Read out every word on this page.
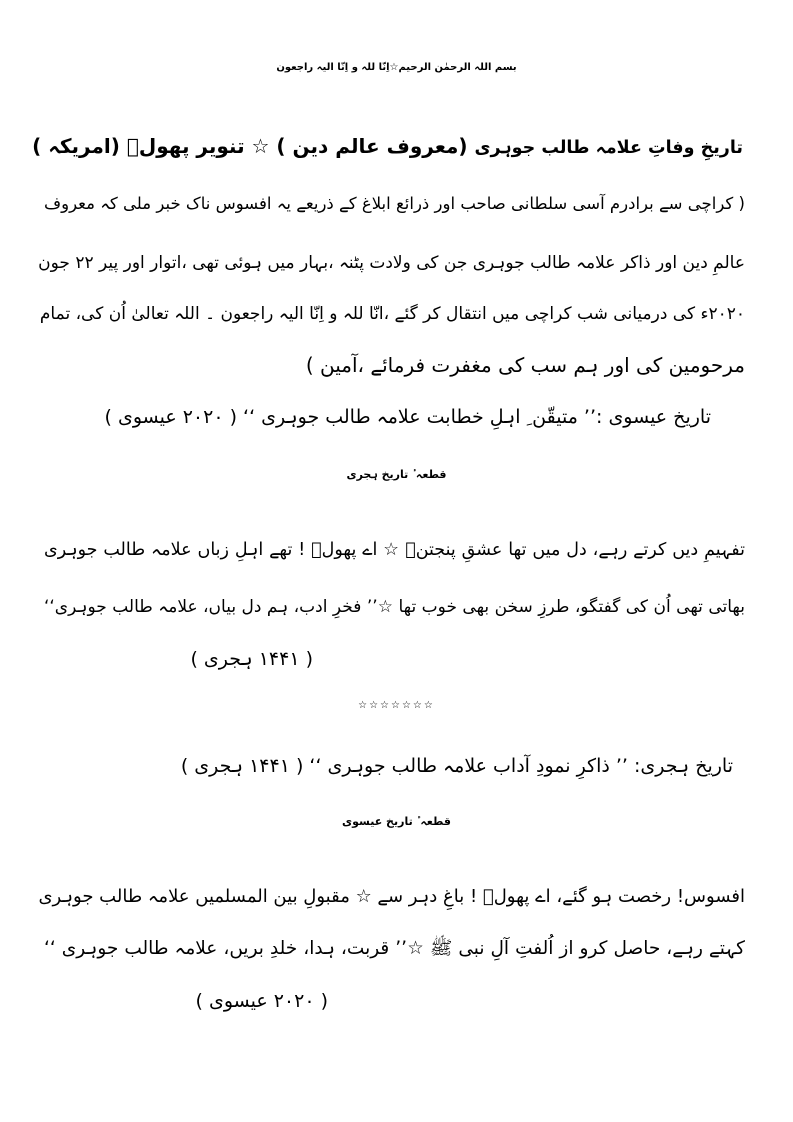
بسم اللہ الرحمٰن الرحیم☆اِنّا للہ و اِنّا الیہ راجعون
تاریخِ وفاتِ علامہ طالب جوہری (معروف عالم دین ) ☆ تنویر پھولؔ (امریکہ )
( کراچی سے برادرم آسی سلطانی صاحب اور ذرائع ابلاغ کے ذریعے یہ افسوس ناک خبر ملی کہ معروف
عالمِ دین اور ذاکر علامہ طالب جوہری جن کی ولادت پٹنہ ،بہار میں ہوئی تھی ،اتوار اور پیر ۲۲ جون
۲۰۲۰ء کی درمیانی شب کراچی میں انتقال کر گئے ،انّا للہ و اِنّا الیہ راجعون ۔ اللہ تعالیٰ اُن کی، تمام
مرحومین کی اور ہم سب کی مغفرت فرمائے ،آمین )
تاریخ عیسوی :’’ متیقّن ِ اہلِ خطابت علامہ طالب جوہری ‘‘ ( ۲۰۲۰ عیسوی )
قطعہ ٔ تاریخ ہجری
تفہیمِ دیں کرتے رہے، دل میں تھا عشقِ پنجتنؑ ☆ اے پھولؔ ! تھے اہلِ زباں علامہ طالب جوہری
بھاتی تھی اُن کی گفتگو، طرزِ سخن بھی خوب تھا ☆’’ فخرِ ادب، ہم دل بیاں، علامہ طالب جوہری‘‘
( ۱۴۴۱ ہجری )
☆☆☆☆☆☆☆
تاریخ ہجری: ’’ ذاکرِ نمودِ آداب علامہ طالب جوہری ‘‘ ( ۱۴۴۱ ہجری )
قطعہ ٔ تاریخ عیسوی
افسوس! رخصت ہو گئے، اے پھولؔ ! باغِ دہر سے ☆ مقبولِ بین المسلمیں علامہ طالب جوہری
کہتے رہے، حاصل کرو از اُلفتِ آلِ نبی ﷺ ☆’’ قربت، ہدا، خلدِ بریں، علامہ طالب جوہری ‘‘
( ۲۰۲۰ عیسوی )
